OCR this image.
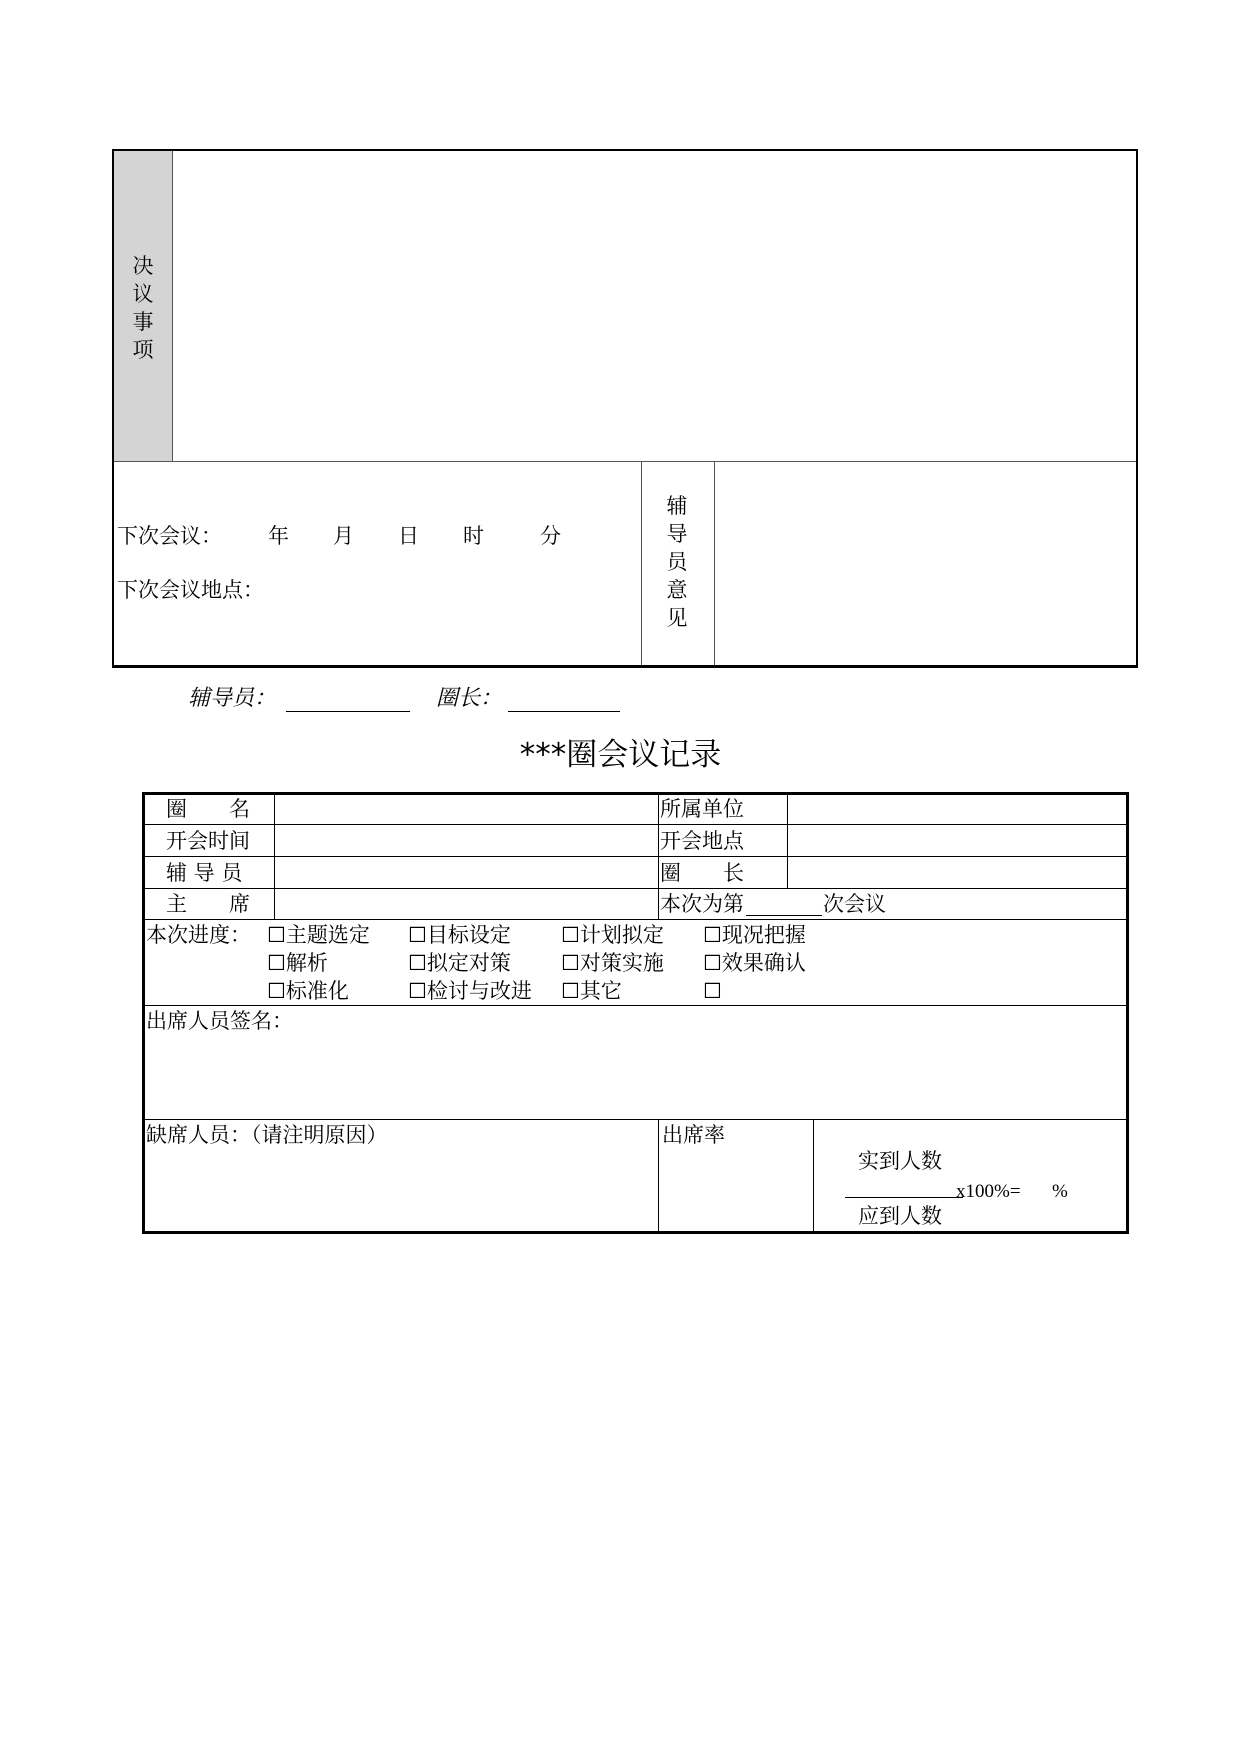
决
议
事
项
下次会议： 年 月 日 时	分
下次会议地点：
辅
导
员
意
见
辅导员：	圈长：
***圈会议记录
圈　　名	所属单位
开会时间	开会地点
辅 导 员	圈　　长
主　　席	本次为第	次会议
本次进度： ☐主题选定 ☐目标设定 ☐计划拟定 ☐现况把握
☐解析	☐拟定对策 ☐对策实施 ☐效果确认
☐标准化	☐检讨与改进 ☐其它	☐
出席人员签名：
缺席人员：（请注明原因）	出席率
实到人数
x100%= %
应到人数
